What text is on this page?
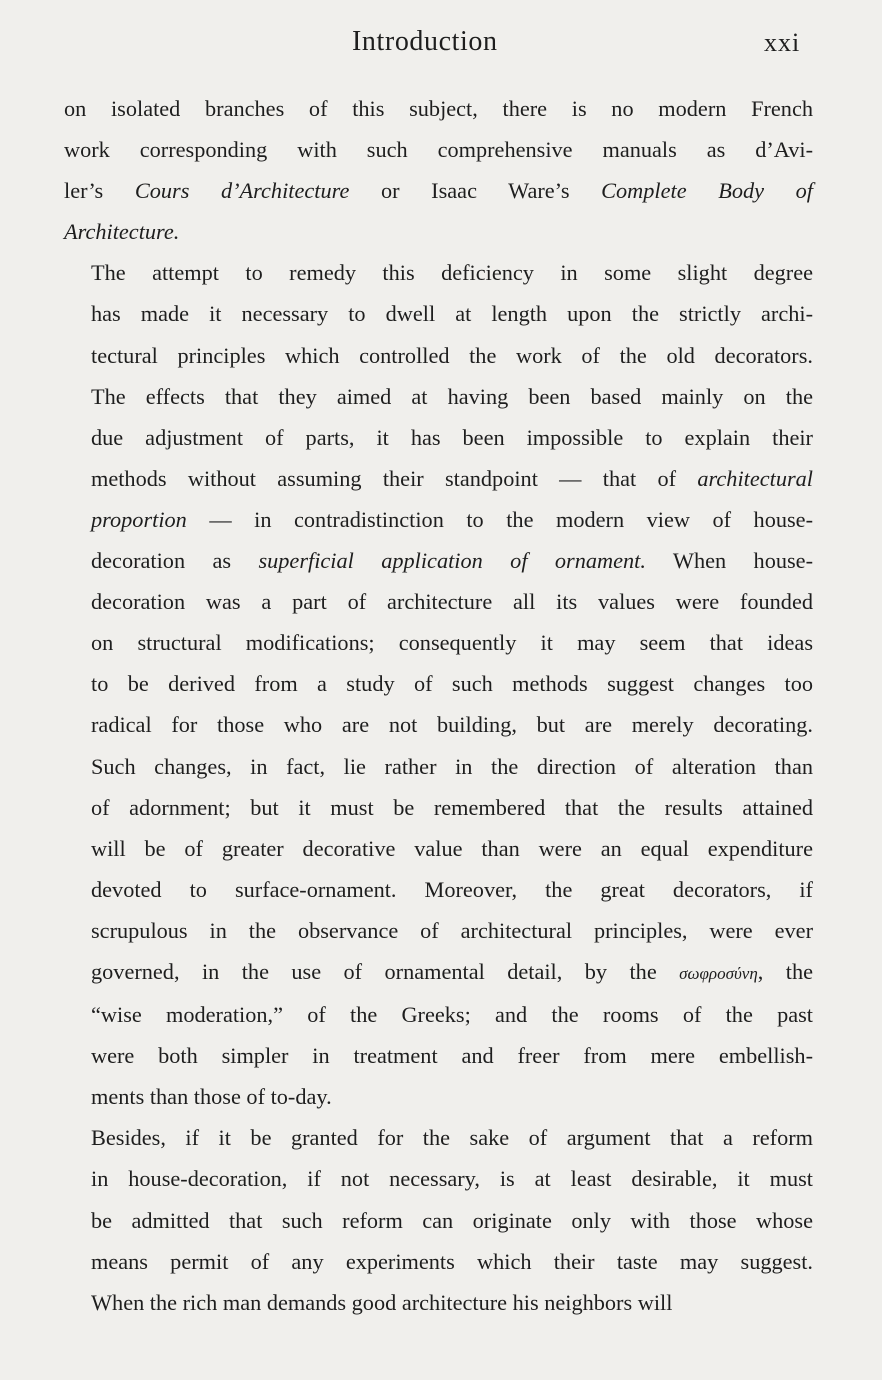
Introduction	xxi

on isolated branches of this subject, there is no modern French
work corresponding with such comprehensive manuals as d’Avi-
ler’s Cours d’Architecture or Isaac Ware’s Complete Body of
Architecture.

The attempt to remedy this deficiency in some slight degree
has made it necessary to dwell at length upon the strictly archi-
tectural principles which controlled the work of the old decorators.
The effects that they aimed at having been based mainly on the
due adjustment of parts, it has been impossible to explain their
methods without assuming their standpoint — that of architectural
proportion — in contradistinction to the modern view of house-
decoration as superficial application of ornament. When house-
decoration was a part of architecture all its values were founded
on structural modifications; consequently it may seem that ideas
to be derived from a study of such methods suggest changes too
radical for those who are not building, but are merely decorating.
Such changes, in fact, lie rather in the direction of alteration than
of adornment; but it must be remembered that the results attained
will be of greater decorative value than were an equal expenditure
devoted to surface-ornament. Moreover, the great decorators, if
scrupulous in the observance of architectural principles, were ever
governed, in the use of ornamental detail, by the σωφροσύνη, the
“wise moderation,” of the Greeks; and the rooms of the past
were both simpler in treatment and freer from mere embellish-
ments than those of to-day.

Besides, if it be granted for the sake of argument that a reform
in house-decoration, if not necessary, is at least desirable, it must
be admitted that such reform can originate only with those whose
means permit of any experiments which their taste may suggest.
When the rich man demands good architecture his neighbors will
